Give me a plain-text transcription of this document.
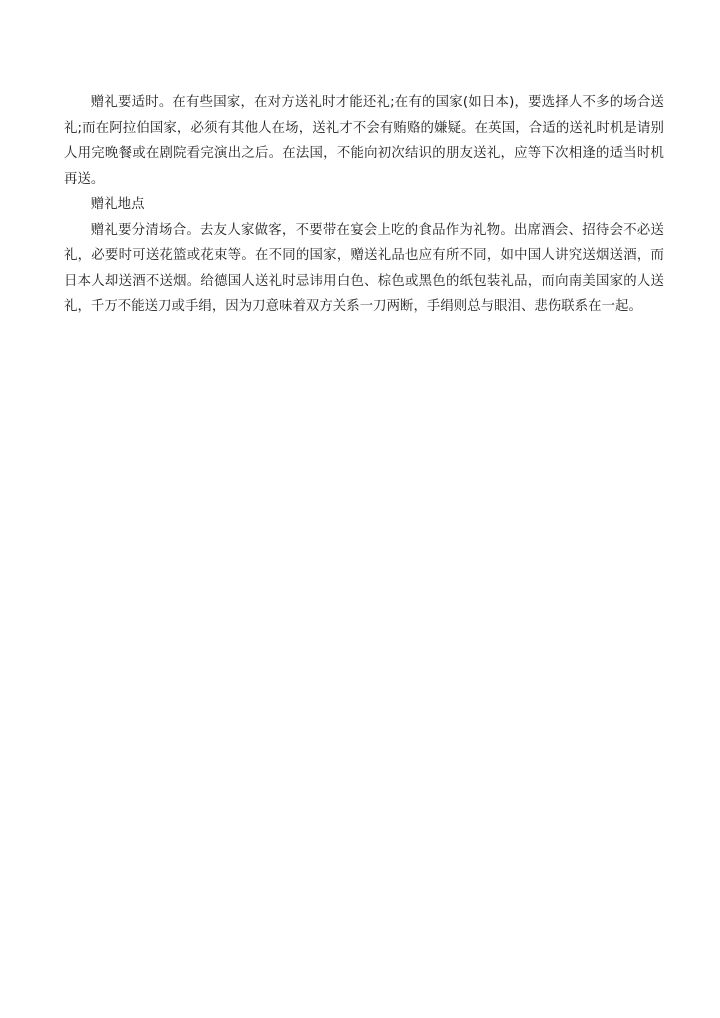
赠礼要适时。在有些国家，在对方送礼时才能还礼;在有的国家(如日本)，要选择人不多的场合送礼;而在阿拉伯国家，必须有其他人在场，送礼才不会有贿赂的嫌疑。在英国，合适的送礼时机是请别人用完晚餐或在剧院看完演出之后。在法国，不能向初次结识的朋友送礼，应等下次相逢的适当时机再送。

赠礼地点

赠礼要分清场合。去友人家做客，不要带在宴会上吃的食品作为礼物。出席酒会、招待会不必送礼，必要时可送花篮或花束等。在不同的国家，赠送礼品也应有所不同，如中国人讲究送烟送酒，而日本人却送酒不送烟。给德国人送礼时忌讳用白色、棕色或黑色的纸包装礼品，而向南美国家的人送礼，千万不能送刀或手绢，因为刀意味着双方关系一刀两断，手绢则总与眼泪、悲伤联系在一起。
